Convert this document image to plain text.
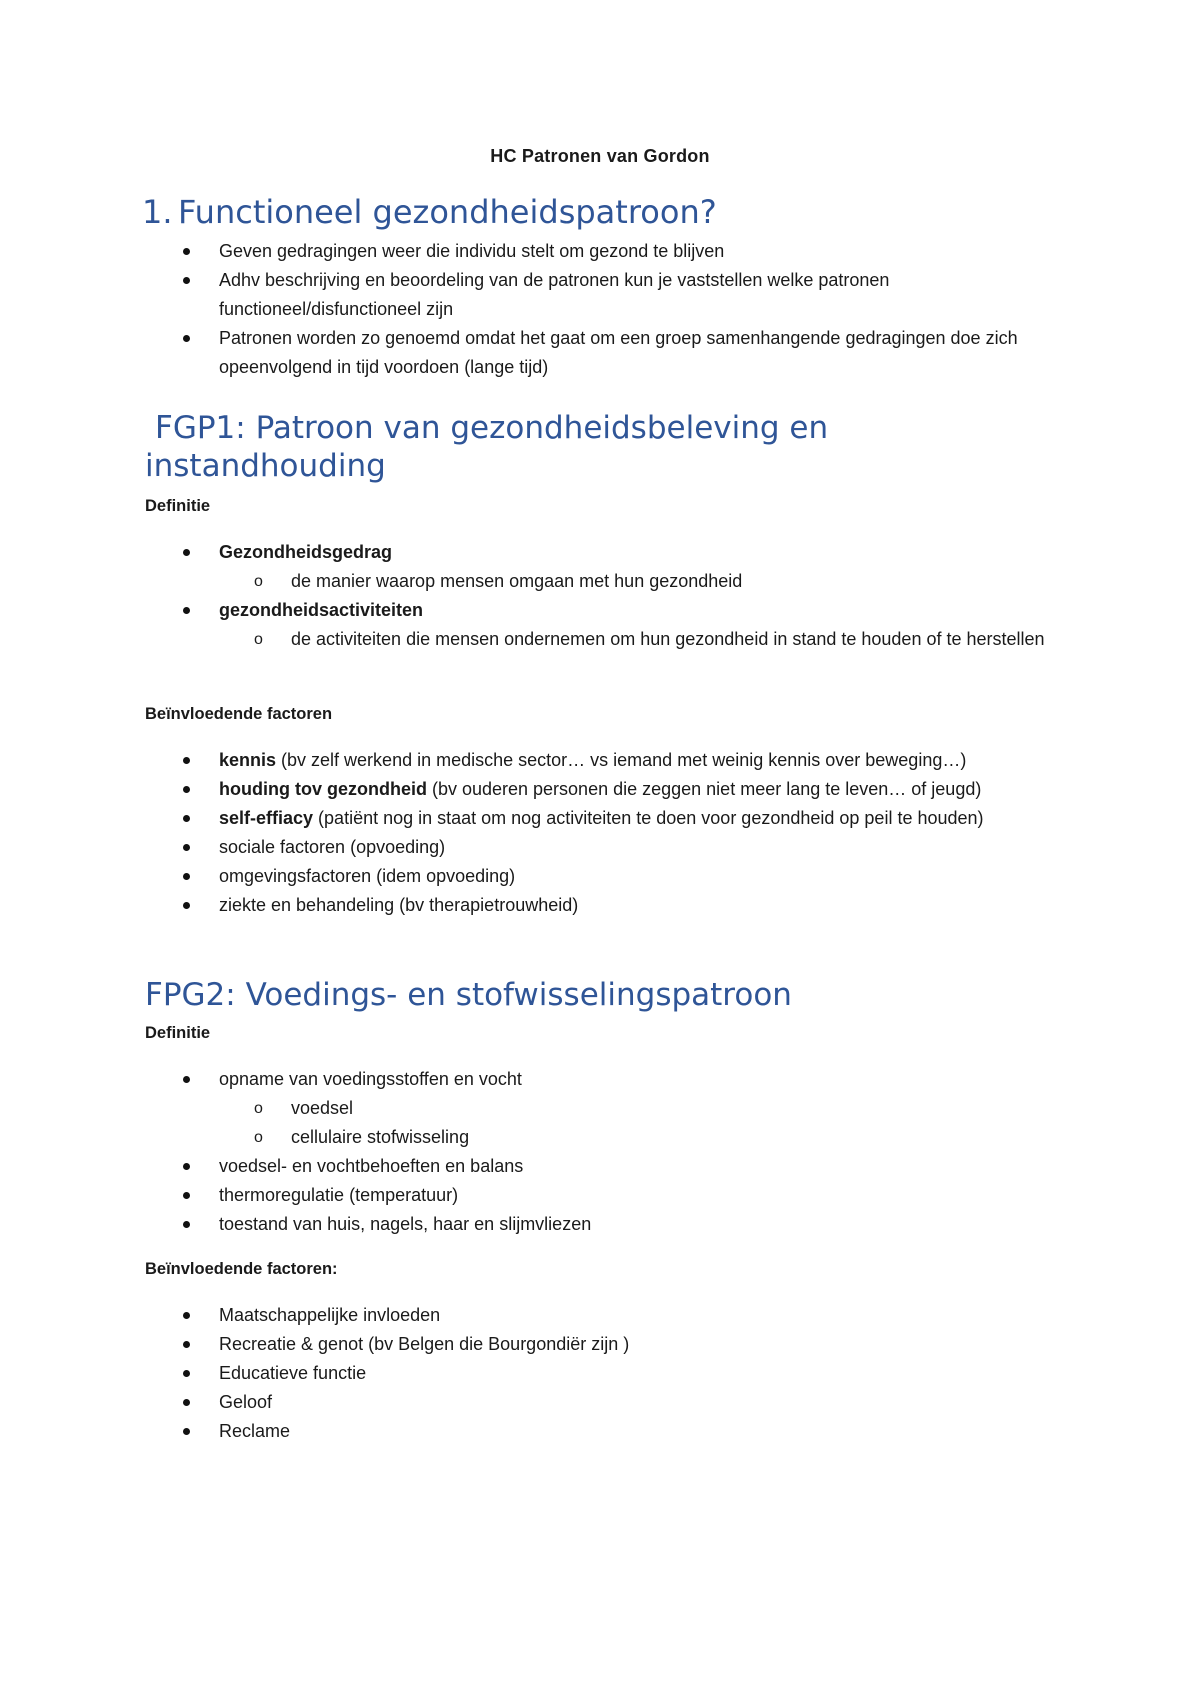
HC Patronen van Gordon
1. Functioneel gezondheidspatroon?
Geven gedragingen weer die individu stelt om gezond te blijven
Adhv beschrijving en beoordeling van de patronen kun je vaststellen welke patronen functioneel/disfunctioneel zijn
Patronen worden zo genoemd omdat het gaat om een groep samenhangende gedragingen doe zich opeenvolgend in tijd voordoen (lange tijd)
FGP1: Patroon van gezondheidsbeleving en
instandhouding
Definitie
Gezondheidsgedrag
o de manier waarop mensen omgaan met hun gezondheid
gezondheidsactiviteiten
o de activiteiten die mensen ondernemen om hun gezondheid in stand te houden of te herstellen
Beïnvloedende factoren
kennis (bv zelf werkend in medische sector… vs iemand met weinig kennis over beweging…)
houding tov gezondheid (bv ouderen personen die zeggen niet meer lang te leven… of jeugd)
self-effiacy (patiënt nog in staat om nog activiteiten te doen voor gezondheid op peil te houden)
sociale factoren (opvoeding)
omgevingsfactoren (idem opvoeding)
ziekte en behandeling (bv therapietrouwheid)
FPG2: Voedings- en stofwisselingspatroon
Definitie
opname van voedingsstoffen en vocht
o voedsel
o cellulaire stofwisseling
voedsel- en vochtbehoeften en balans
thermoregulatie (temperatuur)
toestand van huis, nagels, haar en slijmvliezen
Beïnvloedende factoren:
Maatschappelijke invloeden
Recreatie & genot (bv Belgen die Bourgondiër zijn )
Educatieve functie
Geloof
Reclame
